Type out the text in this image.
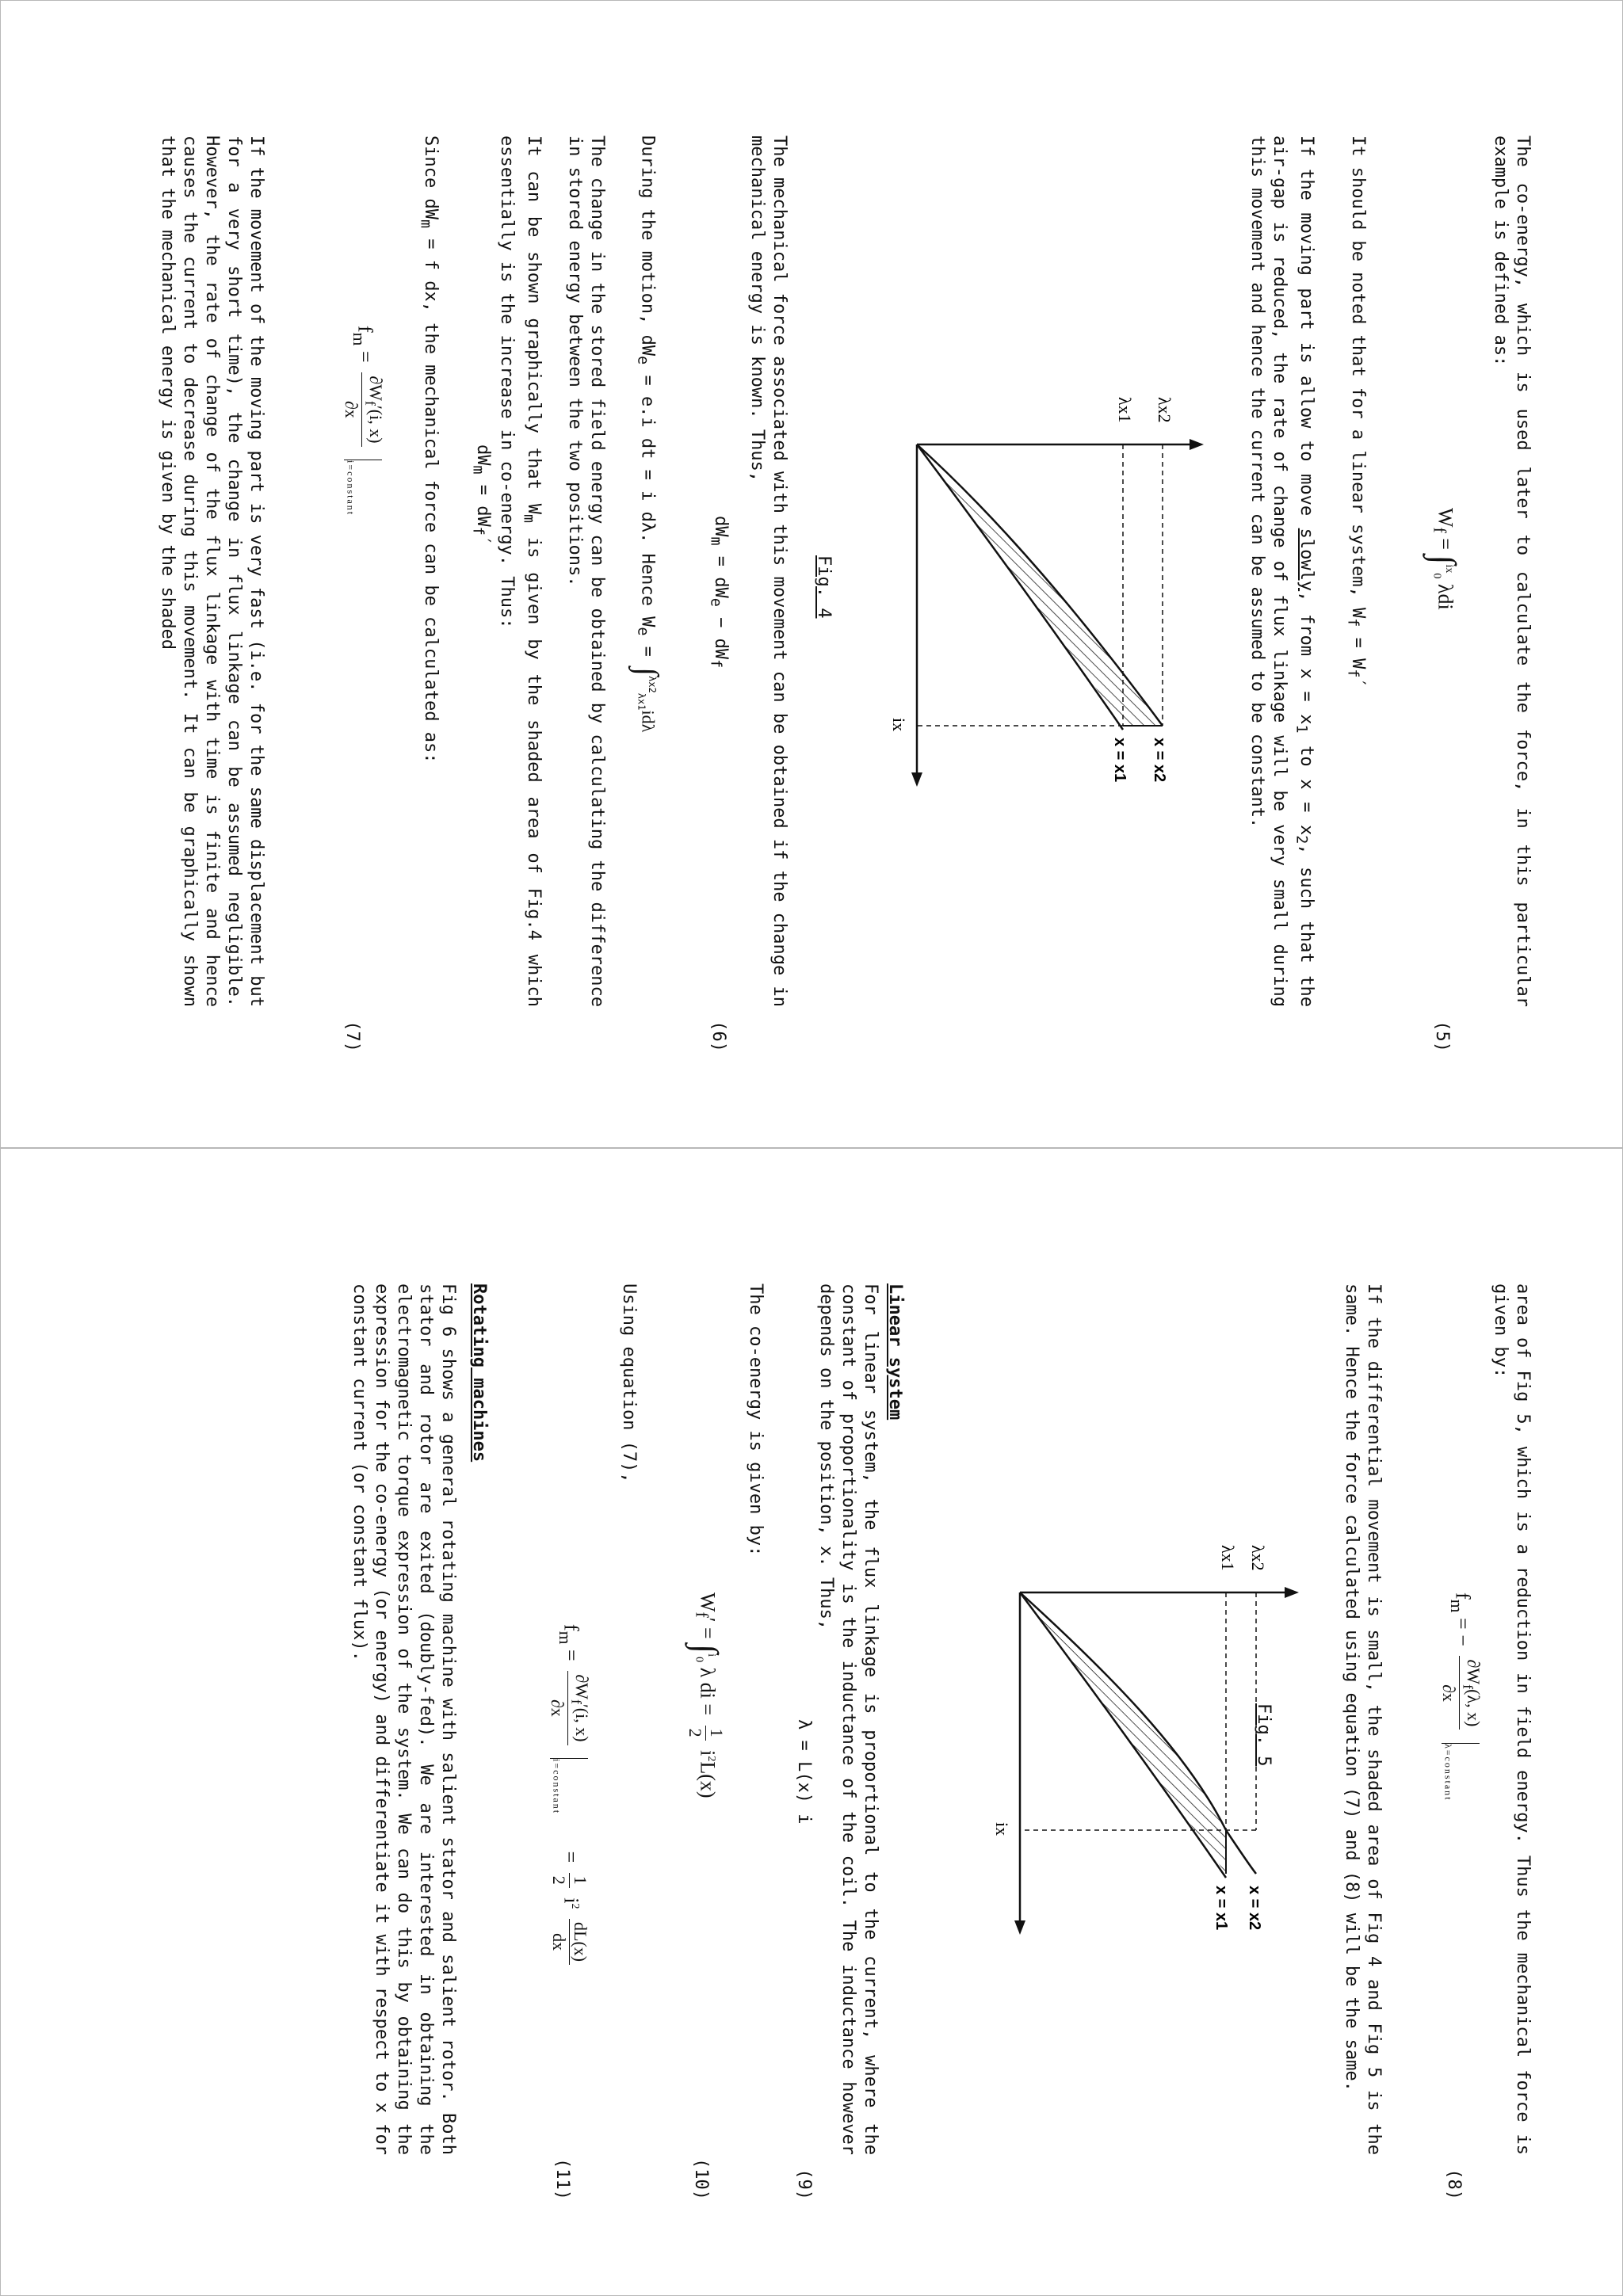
The co-energy, which is used later to calculate the force, in this particular example is defined as:

$W_f = \int^{ix}_0$ λdi
(5)

It should be noted that for a linear system, $W_f = W_f'$

If the moving part is allow to move slowly, from $x = x_1$ to $x = x_2$, such that the air-gap is reduced, the rate of change of flux linkage will be very small during this movement and hence the current can be assumed to be constant.

λx2
λx1
ix
x = x2
x = x1
Fig. 4

The mechanical force associated with this movement can be obtained if the change in mechanical energy is known. Thus,

$dW_m = dW_e - dW_f$
(6)

During the motion, $dW_e = e.i$ dt = i dλ. Hence $W_e = \int^{\lambda x2}_{\lambda x1}id\lambda$

The change in the stored field energy can be obtained by calculating the difference in stored energy between the two positions.

It can be shown graphically that $W_m$ is given by the shaded area of Fig.4 which essentially is the increase in co-energy. Thus:

$dW_m = dW_f'$

Since $dW_m = f$ dx, the mechanical force can be calculated as:

$f_m$ =
$\partial W_f'(i$, x)
∂x
$_{i=constant}$
(7)

If the movement of the moving part is very fast (i.e. for the same displacement but for a very short time), the change in flux linkage can be assumed negligible. However, the rate of change of the flux linkage with time is finite and hence causes the current to decrease during this movement. It can be graphically shown that the mechanical energy is given by the shaded

area of Fig 5, which is a reduction in field energy. Thus the mechanical force is given by:

$f_m$ = −
$\partial W_f(\lambda$, x)
∂x
$_{\lambda=constant}$
(8)

If the differential movement is small, the shaded area of Fig 4 and Fig 5 is the same. Hence the force calculated using equation (7) and (8) will be the same.

λx2
λx1
ix
x = x2
x = x1
Fig. 5
Linear system

For linear system, the flux linkage is proportional to the current, where the constant of proportionality is the inductance of the coil. The inductance however depends on the position, x. Thus,

λ = L(x) i
(9)

The co-energy is given by:

$W_f' = \int^i_0$ λ di =
1
2
$i^2L(x)$
(10)

Using equation (7),

$f_m$ =
$\partial W_f'(i$, x)
∂x
$_{i=constant}$ =
1
2
$i^2$
dL(x)
dx
(11)
Rotating machines

Fig 6 shows a general rotating machine with salient stator and salient rotor. Both stator and rotor are exited (doubly-fed). We are interested in obtaining the electromagnetic torque expression of the system. We can do this by obtaining the expression for the co-energy (or energy) and differentiate it with respect to x for constant current (or constant flux).
